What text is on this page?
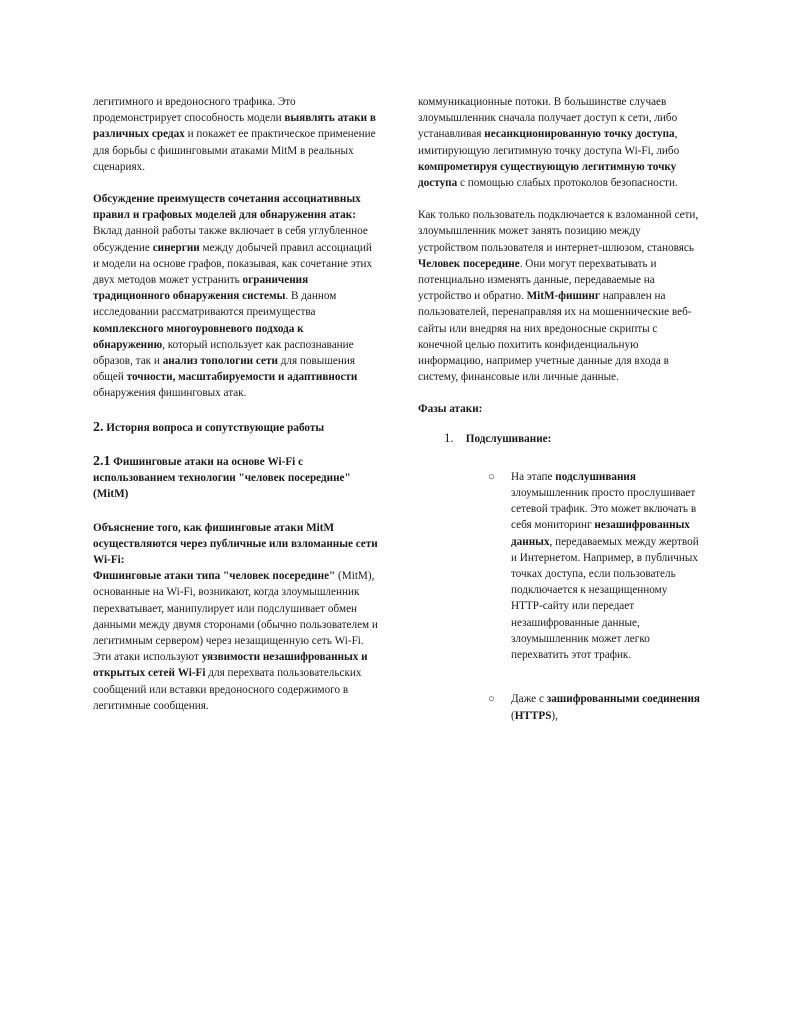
легитимного и вредоносного трафика. Это продемонстрирует способность модели выявлять атаки в различных средах и покажет ее практическое применение для борьбы с фишинговыми атаками MitM в реальных сценариях.

Обсуждение преимуществ сочетания ассоциативных правил и графовых моделей для обнаружения атак:

Вклад данной работы также включает в себя углубленное обсуждение синергии между добычей правил ассоциаций и модели на основе графов, показывая, как сочетание этих двух методов может устранить ограничения традиционного обнаружения системы. В данном исследовании рассматриваются преимущества комплексного многоуровневого подхода к обнаружению, который использует как распознавание образов, так и анализ топологии сети для повышения общей точности, масштабируемости и адаптивности обнаружения фишинговых атак.

2. История вопроса и сопутствующие работы

2.1 Фишинговые атаки на основе Wi-Fi с использованием технологии "человек посередине" (MitM)

Объяснение того, как фишинговые атаки MitM осуществляются через публичные или взломанные сети Wi-Fi:

Фишинговые атаки типа "человек посередине" (MitM), основанные на Wi-Fi, возникают, когда злоумышленник перехватывает, манипулирует или подслушивает обмен данными между двумя сторонами (обычно пользователем и легитимным сервером) через незащищенную сеть Wi-Fi. Эти атаки используют уязвимости незашифрованных и открытых сетей Wi-Fi для перехвата пользовательских сообщений или вставки вредоносного содержимого в легитимные сообщения.

коммуникационные потоки. В большинстве случаев злоумышленник сначала получает доступ к сети, либо устанавливая несанкционированную точку доступа, имитирующую легитимную точку доступа Wi-Fi, либо компрометируя существующую легитимную точку доступа с помощью слабых протоколов безопасности.

Как только пользователь подключается к взломанной сети, злоумышленник может занять позицию между устройством пользователя и интернет-шлюзом, становясь
Человек посередине. Они могут перехватывать и потенциально изменять данные, передаваемые на устройство и обратно. MitM-фишинг направлен на пользователей, перенаправляя их на мошеннические веб-сайты или внедряя на них вредоносные скрипты с конечной целью похитить конфиденциальную информацию, например учетные данные для входа в систему, финансовые или личные данные.

Фазы атаки:

1. Подслушивание:

○ На этапе подслушивания злоумышленник просто прослушивает сетевой трафик. Это может включать в себя мониторинг незашифрованных данных, передаваемых между жертвой и Интернетом. Например, в публичных точках доступа, если пользователь подключается к незащищенному HTTP-сайту или передает незашифрованные данные, злоумышленник может легко перехватить этот трафик.

○ Даже с зашифрованными соединения (HTTPS),
